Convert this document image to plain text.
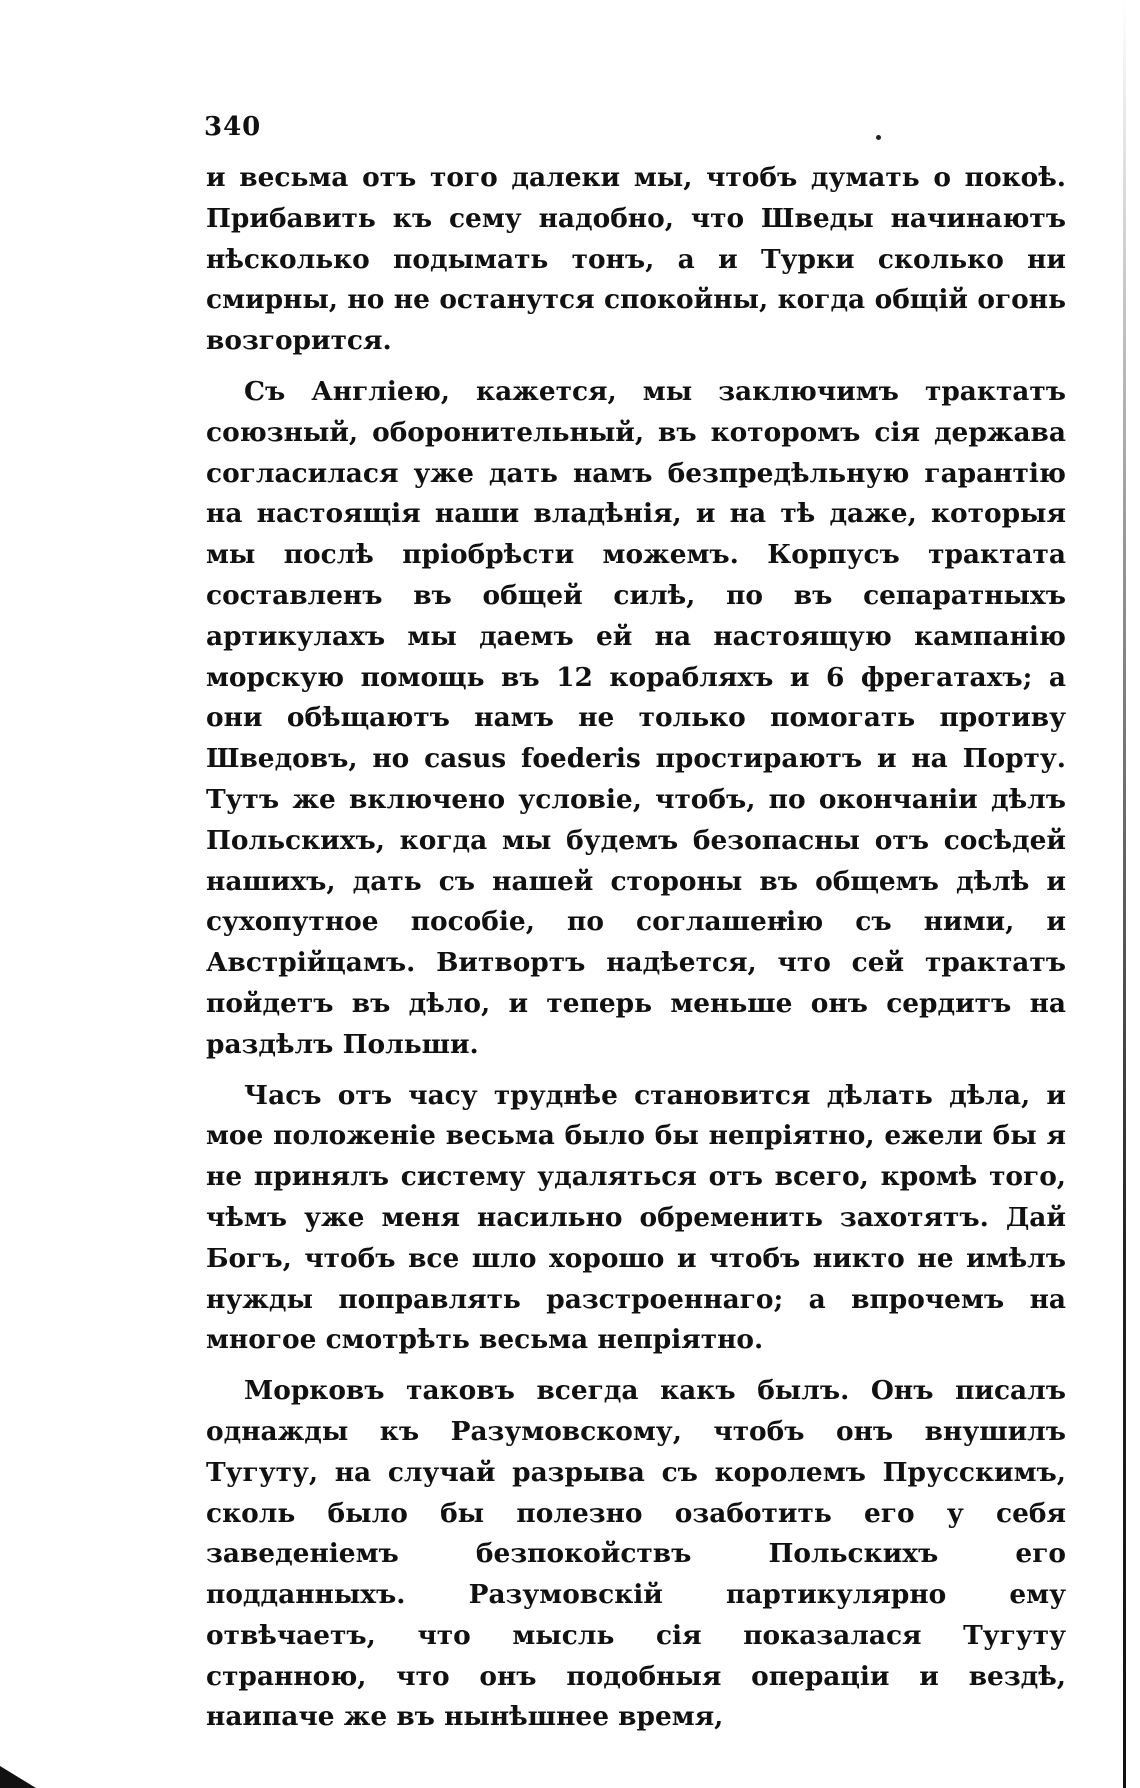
340

и весьма отъ того далеки мы, чтобъ думать о покоѣ. Прибавить къ сему надобно, что Шведы начинаютъ нѣсколько подымать тонъ, а и Турки сколько ни смирны, но не останутся спокойны, когда общій огонь возгорится.

Съ Англіею, кажется, мы заключимъ трактатъ союзный, оборонительный, въ которомъ сія держава согласилася уже дать намъ безпредѣльную гарантію на настоящія наши владѣнія, и на тѣ даже, которыя мы послѣ пріобрѣсти можемъ. Корпусъ трактата составленъ въ общей силѣ, по въ сепаратныхъ артикулахъ мы даемъ ей на настоящую кампанію морскую помощь въ 12 корабляхъ и 6 фрегатахъ; а они обѣщаютъ намъ не только помогать противу Шведовъ, но casus foederis простираютъ и на Порту. Тутъ же включено условіе, чтобъ, по окончаніи дѣлъ Польскихъ, когда мы будемъ безопасны отъ сосѣдей нашихъ, дать съ нашей стороны въ общемъ дѣлѣ и сухопутное пособіе, по соглашенію съ ними, и Австрійцамъ. Витвортъ надѣется, что сей трактатъ пойдетъ въ дѣло, и теперь меньше онъ сердитъ на раздѣлъ Польши.

Часъ отъ часу труднѣе становится дѣлать дѣла, и мое положеніе весьма было бы непріятно, ежели бы я не принялъ систему удаляться отъ всего, кромѣ того, чѣмъ уже меня насильно обременить захотятъ. Дай Богъ, чтобъ все шло хорошо и чтобъ никто не имѣлъ нужды поправлять разстроеннаго; а впрочемъ на многое смотрѣть весьма непріятно.

Морковъ таковъ всегда какъ былъ. Онъ писалъ однажды къ Разумовскому, чтобъ онъ внушилъ Тугуту, на случай разрыва съ королемъ Прусскимъ, сколь было бы полезно озаботить его у себя заведеніемъ безпокойствъ Польскихъ его подданныхъ. Разумовскій партикулярно ему отвѣчаетъ, что мысль сія показалася Тугуту странною, что онъ подобныя операціи и вездѣ, наипаче же въ нынѣшнее время,
